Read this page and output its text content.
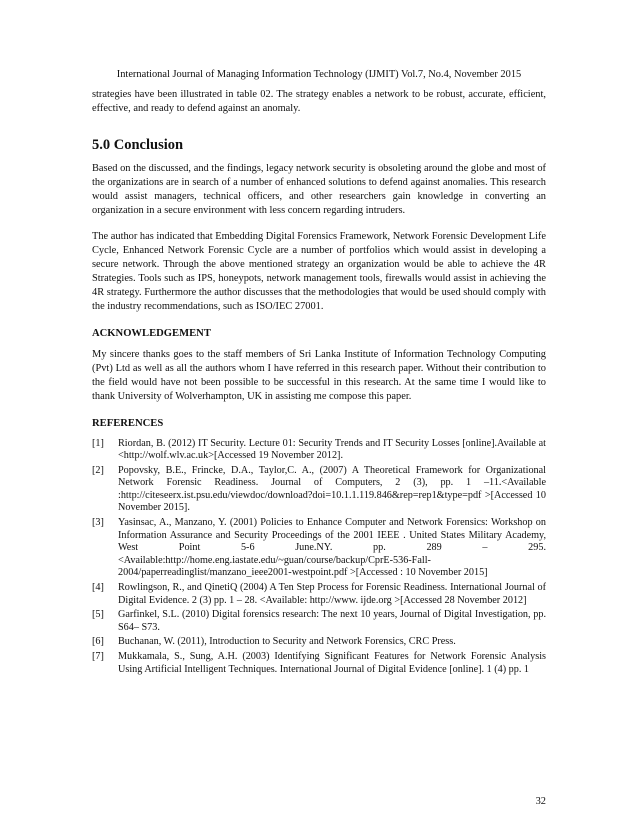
International Journal of Managing Information Technology (IJMIT) Vol.7, No.4, November 2015

strategies have been illustrated in table 02. The strategy enables a network to be robust, accurate, efficient, effective, and ready to defend against an anomaly.

5.0 Conclusion

Based on the discussed, and the findings, legacy network security is obsoleting around the globe and most of the organizations are in search of a number of enhanced solutions to defend against anomalies. This research would assist managers, technical officers, and other researchers gain knowledge in converting an organization in a secure environment with less concern regarding intruders.

The author has indicated that Embedding Digital Forensics Framework, Network Forensic Development Life Cycle, Enhanced Network Forensic Cycle are a number of portfolios which would assist in developing a secure network. Through the above mentioned strategy an organization would be able to achieve the 4R Strategies. Tools such as IPS, honeypots, network management tools, firewalls would assist in achieving the 4R strategy. Furthermore the author discusses that the methodologies that would be used should comply with the industry recommendations, such as ISO/IEC 27001.

ACKNOWLEDGEMENT

My sincere thanks goes to the staff members of Sri Lanka Institute of Information Technology Computing (Pvt) Ltd as well as all the authors whom I have referred in this research paper. Without their contribution to the field would have not been possible to be successful in this research. At the same time I would like to thank University of Wolverhampton, UK in assisting me compose this paper.

REFERENCES
[1]	Riordan, B. (2012) IT Security. Lecture 01: Security Trends and IT Security Losses [online].Available at <http://wolf.wlv.ac.uk>[Accessed 19 November 2012].
[2]	Popovsky, B.E., Frincke, D.A., Taylor,C. A., (2007) A Theoretical Framework for Organizational Network Forensic Readiness. Journal of Computers, 2 (3), pp. 1 –11.<Available :http://citeseerx.ist.psu.edu/viewdoc/download?doi=10.1.1.119.846&rep=rep1&type=pdf >[Accessed 10 November 2015].
[3]	Yasinsac, A., Manzano, Y. (2001) Policies to Enhance Computer and Network Forensics: Workshop on Information Assurance and Security Proceedings of the 2001 IEEE . United States Military Academy, West Point 5-6 June.NY. pp. 289 – 295.<Available:http://home.eng.iastate.edu/~guan/course/backup/CprE-536-Fall-2004/paperreadinglist/manzano_ieee2001-westpoint.pdf >[Accessed : 10 November 2015]
[4]	Rowlingson, R., and QinetiQ (2004) A Ten Step Process for Forensic Readiness. International Journal of Digital Evidence. 2 (3) pp. 1 – 28. <Available: http://www. ijde.org >[Accessed 28 November 2012]
[5]	Garfinkel, S.L. (2010) Digital forensics research: The next 10 years, Journal of Digital Investigation, pp. S64– S73.
[6]	Buchanan, W. (2011), Introduction to Security and Network Forensics, CRC Press.
[7]	Mukkamala, S., Sung, A.H. (2003) Identifying Significant Features for Network Forensic Analysis Using Artificial Intelligent Techniques. International Journal of Digital Evidence [online]. 1 (4) pp. 1
32
